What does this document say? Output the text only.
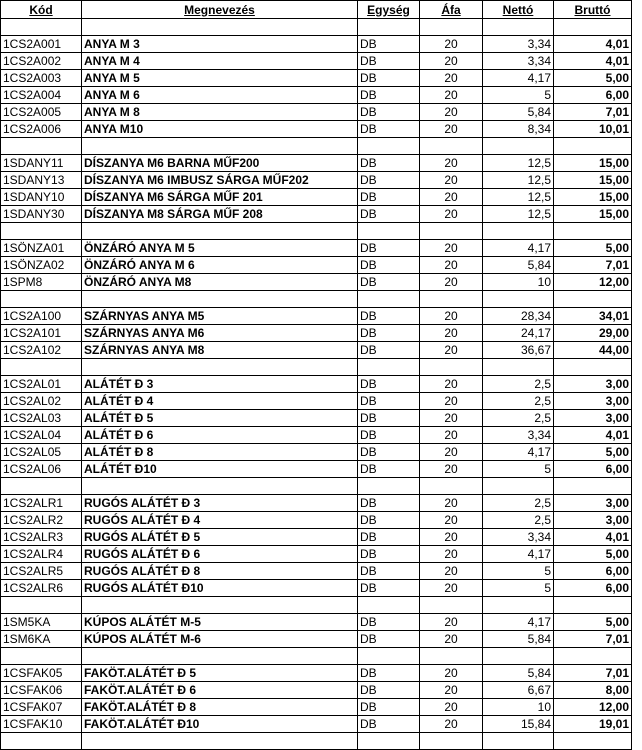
Kód	Megnevezés	Egység	Áfa	Nettó	Bruttó

1CS2A001	ANYA M 3	DB	20	3,34	4,01
1CS2A002	ANYA M 4	DB	20	3,34	4,01
1CS2A003	ANYA M 5	DB	20	4,17	5,00
1CS2A004	ANYA M 6	DB	20	5	6,00
1CS2A005	ANYA M 8	DB	20	5,84	7,01
1CS2A006	ANYA M10	DB	20	8,34	10,01

1SDANY11	DÍSZANYA M6 BARNA MŰF200	DB	20	12,5	15,00
1SDANY13	DÍSZANYA M6 IMBUSZ SÁRGA MŰF202	DB	20	12,5	15,00
1SDANY10	DÍSZANYA M6 SÁRGA MŰF 201	DB	20	12,5	15,00
1SDANY30	DÍSZANYA M8 SÁRGA MŰF 208	DB	20	12,5	15,00

1SÖNZA01	ÖNZÁRÓ ANYA M 5	DB	20	4,17	5,00
1SÖNZA02	ÖNZÁRÓ ANYA M 6	DB	20	5,84	7,01
1SPM8	ÖNZÁRÓ ANYA M8	DB	20	10	12,00

1CS2A100	SZÁRNYAS ANYA M5	DB	20	28,34	34,01
1CS2A101	SZÁRNYAS ANYA M6	DB	20	24,17	29,00
1CS2A102	SZÁRNYAS ANYA M8	DB	20	36,67	44,00

1CS2AL01	ALÁTÉT Đ 3	DB	20	2,5	3,00
1CS2AL02	ALÁTÉT Đ 4	DB	20	2,5	3,00
1CS2AL03	ALÁTÉT Đ 5	DB	20	2,5	3,00
1CS2AL04	ALÁTÉT Đ 6	DB	20	3,34	4,01
1CS2AL05	ALÁTÉT Đ 8	DB	20	4,17	5,00
1CS2AL06	ALÁTÉT Đ10	DB	20	5	6,00

1CS2ALR1	RUGÓS ALÁTÉT Đ 3	DB	20	2,5	3,00
1CS2ALR2	RUGÓS ALÁTÉT Đ 4	DB	20	2,5	3,00
1CS2ALR3	RUGÓS ALÁTÉT Đ 5	DB	20	3,34	4,01
1CS2ALR4	RUGÓS ALÁTÉT Đ 6	DB	20	4,17	5,00
1CS2ALR5	RUGÓS ALÁTÉT Đ 8	DB	20	5	6,00
1CS2ALR6	RUGÓS ALÁTÉT Đ10	DB	20	5	6,00

1SM5KA	KÚPOS ALÁTÉT M-5	DB	20	4,17	5,00
1SM6KA	KÚPOS ALÁTÉT M-6	DB	20	5,84	7,01

1CSFAK05	FAKÖT.ALÁTÉT Đ 5	DB	20	5,84	7,01
1CSFAK06	FAKÖT.ALÁTÉT Đ 6	DB	20	6,67	8,00
1CSFAK07	FAKÖT.ALÁTÉT Đ 8	DB	20	10	12,00
1CSFAK10	FAKÖT.ALÁTÉT Đ10	DB	20	15,84	19,01
